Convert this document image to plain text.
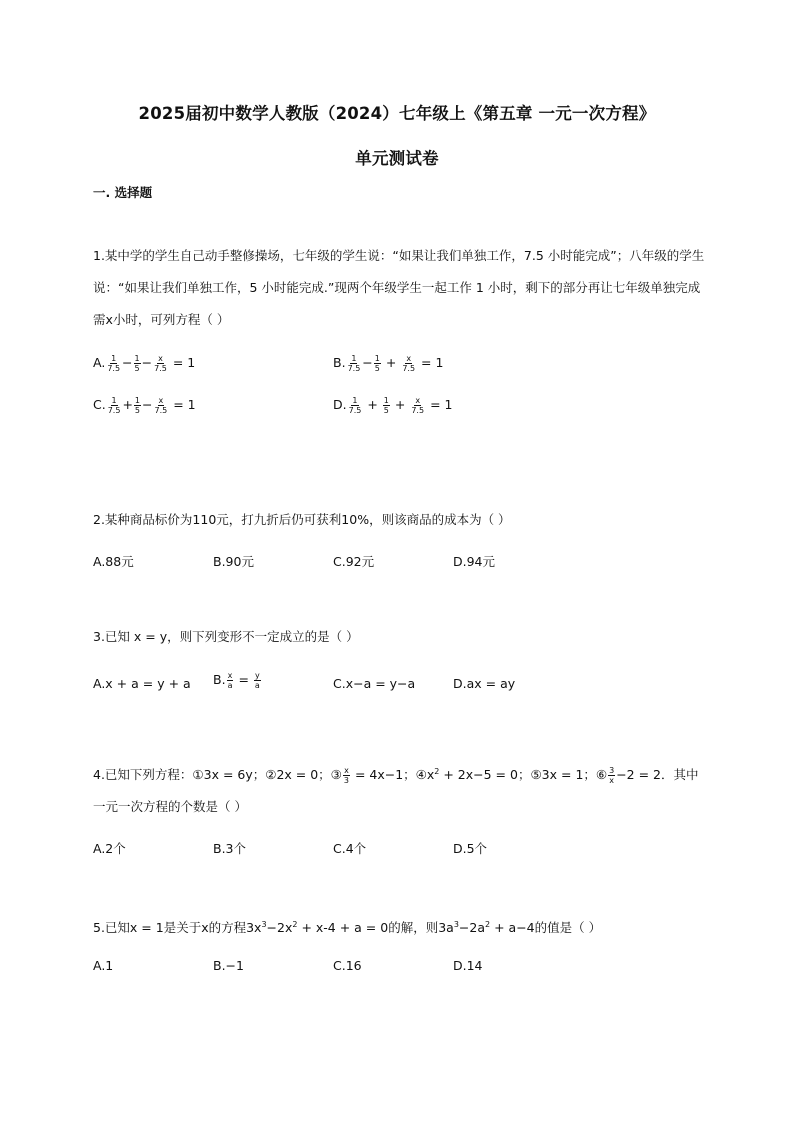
2025届初中数学人教版（2024）七年级上《第五章 一元一次方程》
单元测试卷
一. 选择题
1.某中学的学生自己动手整修操场，七年级的学生说：“如果让我们单独工作，7.5 小时能完成”；八年级的学生说：“如果让我们单独工作，5 小时能完成.”现两个年级学生一起工作 1 小时，剩下的部分再让七年级单独完成需x小时，可列方程（ ）
A. $\frac{1}{7.5} - \frac{1}{5} - \frac{x}{7.5} = 1$	B. $\frac{1}{7.5} - \frac{1}{5} + \frac{x}{7.5} = 1$
C. $\frac{1}{7.5} + \frac{1}{5} - \frac{x}{7.5} = 1$	D. $\frac{1}{7.5} + \frac{1}{5} + \frac{x}{7.5} = 1$
2.某种商品标价为110元，打九折后仍可获利10%，则该商品的成本为（ ）
A.88元	B.90元	C.92元	D.94元
3.已知 x = y，则下列变形不一定成立的是（ ）
A.x + a = y + a B. $\frac{x}{a} = \frac{y}{a}$	C.x−a = y−a	D.ax = ay
4.已知下列方程：①3x = 6y；②2x = 0；③ $\frac{x}{3} = 4x-1$；$④x^2 + 2x-5 = 0$；⑤3x = 1；⑥ $\frac{3}{x} -2 = 2$．其中一元一次方程的个数是（ ）
A.2个	B.3个	C.4个	D.5个
5.已知x = 1是关于x的方程$3x^3-2x^2 + x-4 + a = 0$的解，则$3a^3-2a^2 + a-4$的值是（ ）
A.1	B.−1	C.16	D.14
